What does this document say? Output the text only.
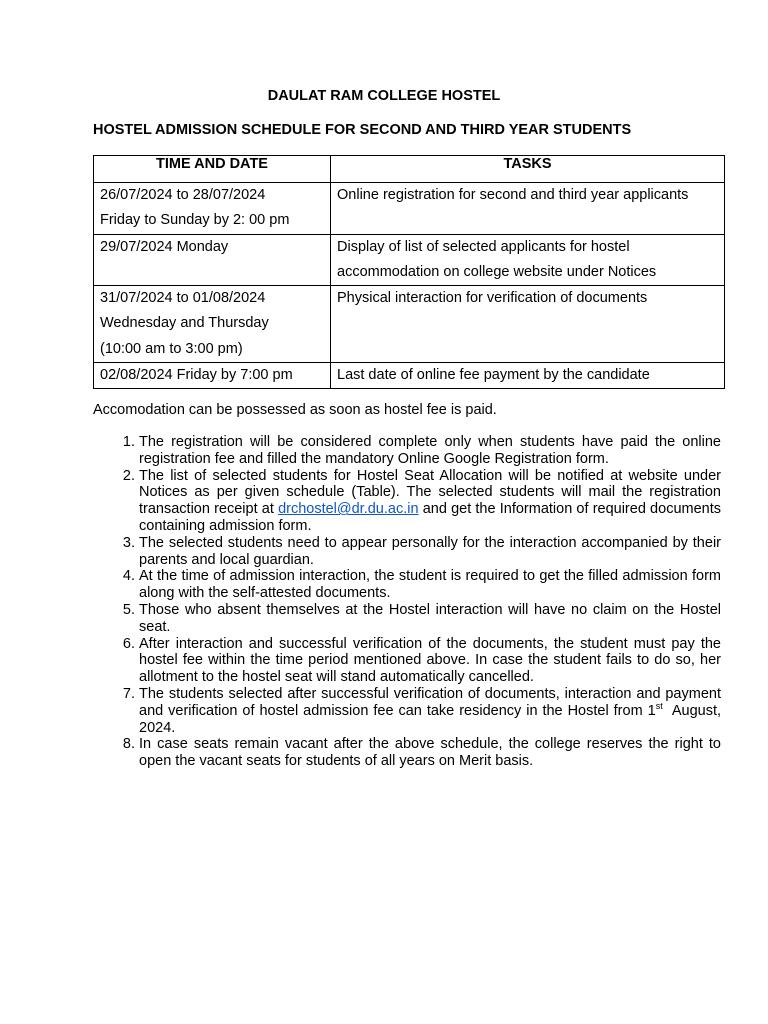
DAULAT RAM COLLEGE HOSTEL
HOSTEL ADMISSION SCHEDULE FOR SECOND AND THIRD YEAR STUDENTS
TIME AND DATE	TASKS

26/07/2024 to 28/07/2024
Friday to Sunday by 2: 00 pm	Online registration for second and third year applicants

29/07/2024 Monday	Display of list of selected applicants for hostel
accommodation on college website under Notices

31/07/2024 to 01/08/2024
Wednesday and Thursday
(10:00 am to 3:00 pm)	Physical interaction for verification of documents

02/08/2024 Friday by 7:00 pm	Last date of online fee payment by the candidate
Accomodation can be possessed as soon as hostel fee is paid.
1. The registration will be considered complete only when students have paid the online registration fee and filled the mandatory Online Google Registration form.
2. The list of selected students for Hostel Seat Allocation will be notified at website under Notices as per given schedule (Table). The selected students will mail the registration transaction receipt at drchostel@dr.du.ac.in and get the Information of required documents containing admission form.
3. The selected students need to appear personally for the interaction accompanied by their parents and local guardian.
4. At the time of admission interaction, the student is required to get the filled admission form along with the self-attested documents.
5. Those who absent themselves at the Hostel interaction will have no claim on the Hostel seat.
6. After interaction and successful verification of the documents, the student must pay the hostel fee within the time period mentioned above. In case the student fails to do so, her allotment to the hostel seat will stand automatically cancelled.
7. The students selected after successful verification of documents, interaction and payment and verification of hostel admission fee can take residency in the Hostel from 1st August, 2024.
8. In case seats remain vacant after the above schedule, the college reserves the right to open the vacant seats for students of all years on Merit basis.
